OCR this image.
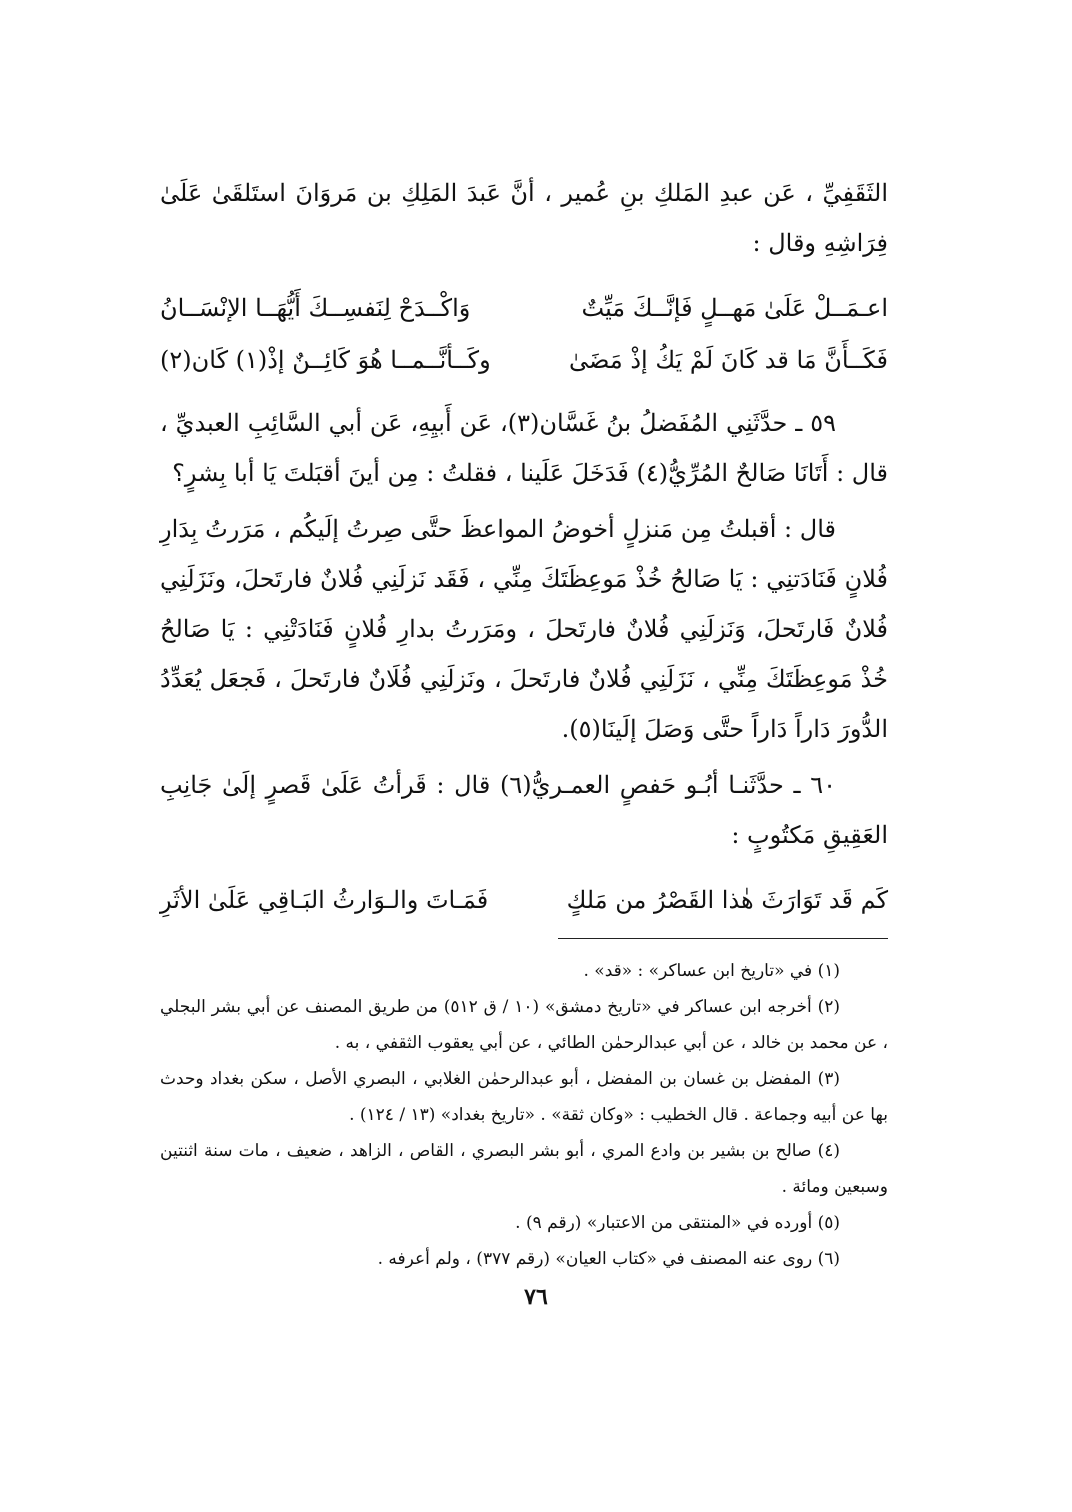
الثَقَفِيِّ ، عَن عبدِ المَلكِ بنِ عُمير ، أنَّ عَبدَ المَلِكِ بن مَروَانَ استَلقَىٰ عَلَىٰ فِرَاشِهِ وقال :

اعـمَــلْ عَلَىٰ مَهــلٍ فَإنَّــكَ مَيِّتٌ
وَاكْــدَحْ لِنَفسِــكَ أَيُّهَــا الإنْسَــانُ
فَكَــأَنَّ مَا قد كَانَ لَمْ يَكُ إذْ مَضَىٰ
وكَــأنَّــمــا هُوَ كَائِــنٌ إذْ(١) كَان(٢)

٥٩ ـ حدَّثَنِي المُفَضلُ بنُ غَسَّان(٣)، عَن أَبيِهِ، عَن أبي السَّائِبِ العبديِّ ، قال : أَتَانَا صَالحٌ المُرِّيُّ(٤) فَدَخَلَ عَلَينا ، فقلتُ : مِن أينَ أقبَلتَ يَا أبا بِشرٍ؟

قال : أقبلتُ مِن مَنزلٍ أخوضُ المواعظَ حتَّى صِرتُ إلَيكُم ، مَرَرتُ بِدَارِ فُلانٍ فَنَادَتنِي : يَا صَالحُ خُذْ مَوعِظَتَكَ مِنِّي ، فَقَد نَزلَنِي فُلانٌ فارتَحلَ، ونَزَلَنِي فُلانٌ فَارتَحلَ، وَنَزلَنِي فُلانٌ فارتَحلَ ، ومَرَرتُ بدارِ فُلانٍ فَنَادَتْنِي : يَا صَالحُ خُذْ مَوعِظَتَكَ مِنِّي ، نَزَلَنِي فُلانٌ فارتَحلَ ، ونَزلَنِي فُلَانٌ فارتَحلَ ، فَجعَل يُعَدِّدُ الدُّورَ دَاراً دَاراً حتَّى وَصَلَ إلَينَا(٥).

٦٠ ـ حدَّثَنـا أبُـو حَفصٍ العمـريُّ(٦) قال : قَرأتُ عَلَىٰ قَصرٍ إلَىٰ جَانِبِ العَقِيقِ مَكتُوبٍ :

كَم قَد تَوَارَثَ هٰذا القَصْرُ من مَلكٍ
فَمَـاتَ والـوَارثُ البَـاقِي عَلَىٰ الأثَرِ

(١) في «تاريخ ابن عساكر» : «قد» .

(٢) أخرجه ابن عساكر في «تاريخ دمشق» (١٠ / ق ٥١٢) من طريق المصنف عن أبي بشر البجلي ، عن محمد بن خالد ، عن أبي عبدالرحمٰن الطائي ، عن أبي يعقوب الثقفي ، به .

(٣) المفضل بن غسان بن المفضل ، أبو عبدالرحمٰن الغلابي ، البصري الأصل ، سكن بغداد وحدث بها عن أبيه وجماعة . قال الخطيب : «وكان ثقة» . «تاريخ بغداد» (١٣ / ١٢٤) .

(٤) صالح بن بشير بن وادع المري ، أبو بشر البصري ، القاص ، الزاهد ، ضعيف ، مات سنة اثنتين وسبعين ومائة .

(٥) أورده في «المنتقى من الاعتبار» (رقم ٩) .

(٦) روى عنه المصنف في «كتاب العيان» (رقم ٣٧٧) ، ولم أعرفه .

٧٦
